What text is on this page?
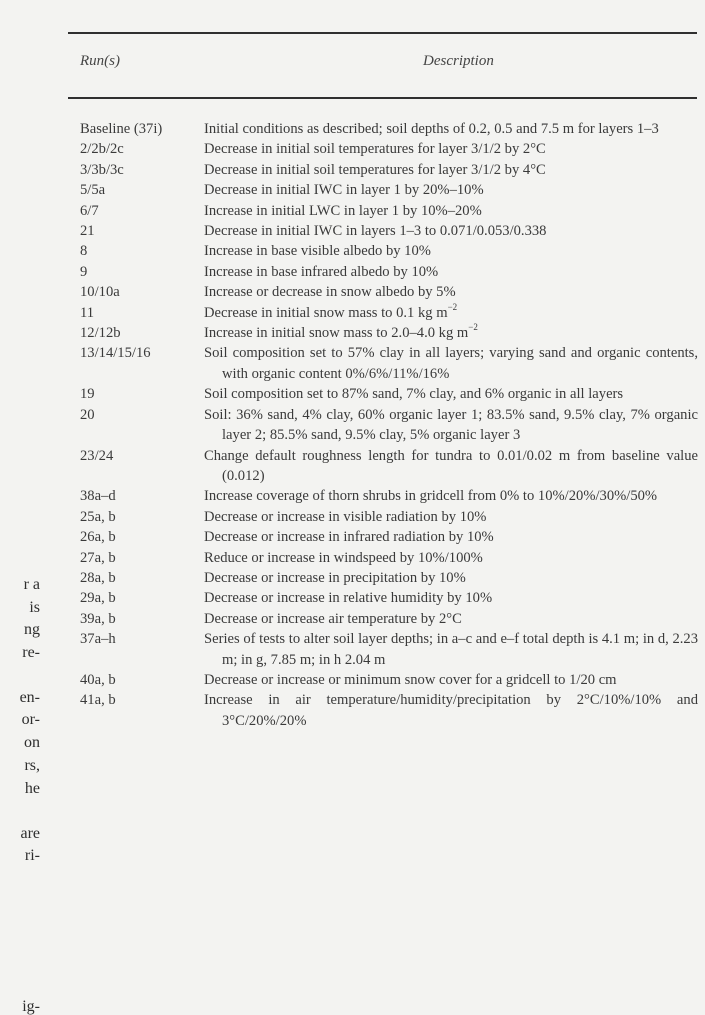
r a
is
ng
re-
en-
or-
on
rs,
he
are
ri-
ig-
Run(s)	Description
Baseline (37i)	Initial conditions as described; soil depths of 0.2, 0.5 and 7.5 m for layers 1–3

2/2b/2c	Decrease in initial soil temperatures for layer 3/1/2 by 2°C

3/3b/3c	Decrease in initial soil temperatures for layer 3/1/2 by 4°C

5/5a	Decrease in initial IWC in layer 1 by 20%–10%

6/7	Increase in initial LWC in layer 1 by 10%–20%

21	Decrease in initial IWC in layers 1–3 to 0.071/0.053/0.338

8	Increase in base visible albedo by 10%

9	Increase in base infrared albedo by 10%

10/10a	Increase or decrease in snow albedo by 5%

11	Decrease in initial snow mass to 0.1 kg $m^{-2}$

12/12b	Increase in initial snow mass to 2.0–4.0 kg $m^{-2}$

13/14/15/16	Soil composition set to 57% clay in all layers; varying sand and organic contents, with organic content 0%/6%/11%/16%

19	Soil composition set to 87% sand, 7% clay, and 6% organic in all layers

20	Soil: 36% sand, 4% clay, 60% organic layer 1; 83.5% sand, 9.5% clay, 7% organic layer 2; 85.5% sand, 9.5% clay, 5% organic layer 3

23/24	Change default roughness length for tundra to 0.01/0.02 m from baseline value (0.012)

38a–d	Increase coverage of thorn shrubs in gridcell from 0% to 10%/20%/30%/50%

25a, b	Decrease or increase in visible radiation by 10%

26a, b	Decrease or increase in infrared radiation by 10%

27a, b	Reduce or increase in windspeed by 10%/100%

28a, b	Decrease or increase in precipitation by 10%

29a, b	Decrease or increase in relative humidity by 10%

39a, b	Decrease or increase air temperature by 2°C

37a–h	Series of tests to alter soil layer depths; in a–c and e–f total depth is 4.1 m; in d, 2.23 m; in g, 7.85 m; in h 2.04 m

40a, b	Decrease or increase or minimum snow cover for a gridcell to 1/20 cm

41a, b	Increase in air temperature/humidity/precipitation by 2°C/10%/10% and 3°C/20%/20%
